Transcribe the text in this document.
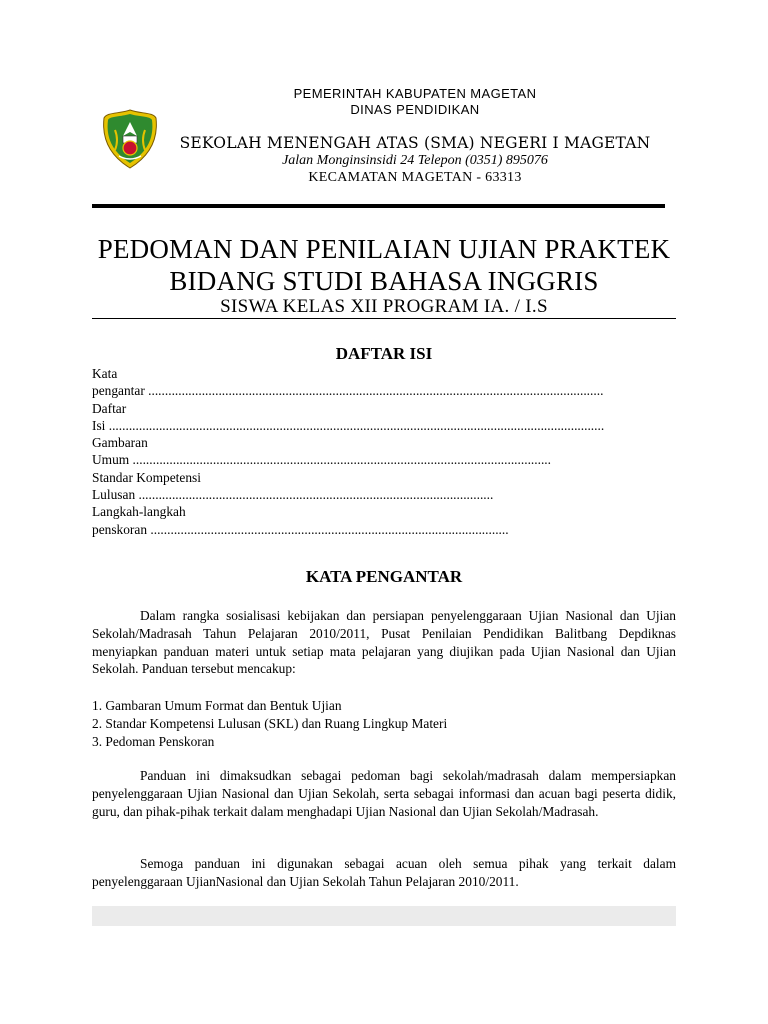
PEMERINTAH KABUPATEN MAGETAN
DINAS PENDIDIKAN
SEKOLAH MENENGAH ATAS (SMA) NEGERI I MAGETAN
Jalan Monginsinsidi 24 Telepon (0351) 895076
KECAMATAN MAGETAN - 63313
PEDOMAN DAN PENILAIAN UJIAN PRAKTEK
BIDANG STUDI BAHASA INGGRIS
SISWA KELAS XII PROGRAM IA. / I.S
DAFTAR ISI
Kata
pengantar ........................................................................................................................................
Daftar
Isi ....................................................................................................................................................
Gambaran
Umum .............................................................................................................................
Standar Kompetensi
Lulusan ..........................................................................................................
Langkah-langkah
penskoran ...........................................................................................................
KATA PENGANTAR

Dalam rangka sosialisasi kebijakan dan persiapan penyelenggaraan Ujian Nasional dan Ujian Sekolah/Madrasah Tahun Pelajaran 2010/2011, Pusat Penilaian Pendidikan Balitbang Depdiknas menyiapkan panduan materi untuk setiap mata pelajaran yang diujikan pada Ujian Nasional dan Ujian Sekolah. Panduan tersebut mencakup:

1. Gambaran Umum Format dan Bentuk Ujian
2. Standar Kompetensi Lulusan (SKL) dan Ruang Lingkup Materi
3. Pedoman Penskoran

Panduan ini dimaksudkan sebagai pedoman bagi sekolah/madrasah dalam mempersiapkan penyelenggaraan Ujian Nasional dan Ujian Sekolah, serta sebagai informasi dan acuan bagi peserta didik, guru, dan pihak-pihak terkait dalam menghadapi Ujian Nasional dan Ujian Sekolah/Madrasah.

Semoga panduan ini digunakan sebagai acuan oleh semua pihak yang terkait dalam penyelenggaraan UjianNasional dan Ujian Sekolah Tahun Pelajaran 2010/2011.
